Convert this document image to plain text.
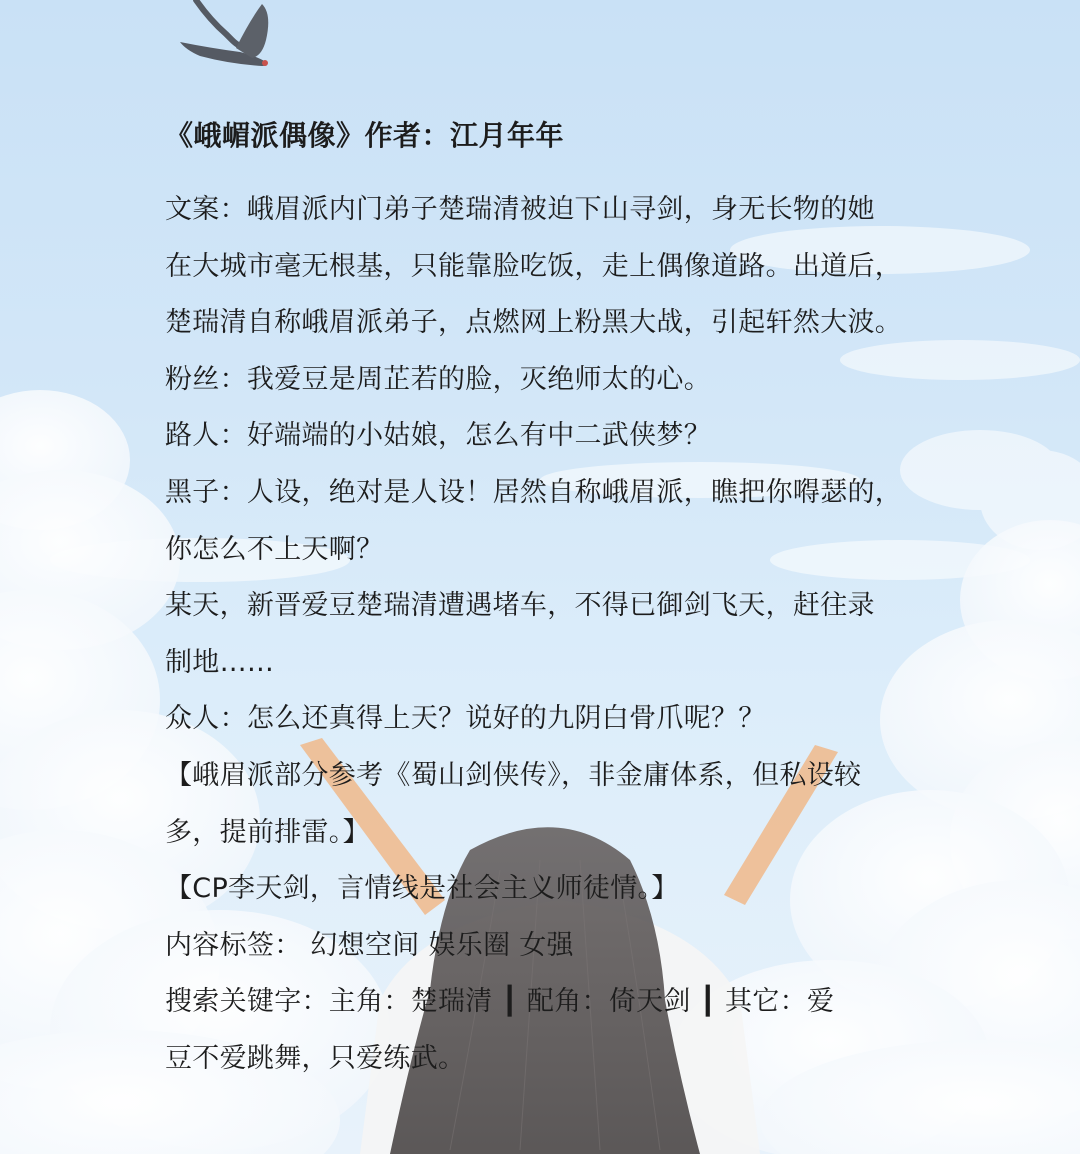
《峨嵋派偶像》作者：江月年年

文案：峨眉派内门弟子楚瑞清被迫下山寻剑，身无长物的她

在大城市毫无根基，只能靠脸吃饭，走上偶像道路。出道后，

楚瑞清自称峨眉派弟子，点燃网上粉黑大战，引起轩然大波。

粉丝：我爱豆是周芷若的脸，灭绝师太的心。

路人：好端端的小姑娘，怎么有中二武侠梦？

黑子：人设，绝对是人设！居然自称峨眉派，瞧把你嘚瑟的，

你怎么不上天啊？

某天，新晋爱豆楚瑞清遭遇堵车，不得已御剑飞天，赶往录

制地……

众人：怎么还真得上天？说好的九阴白骨爪呢？？

【峨眉派部分参考《蜀山剑侠传》，非金庸体系，但私设较

多，提前排雷。】

【CP李天剑，言情线是社会主义师徒情。】

内容标签： 幻想空间 娱乐圈 女强

搜索关键字：主角：楚瑞清 ┃ 配角：倚天剑 ┃ 其它：爱

豆不爱跳舞，只爱练武。
